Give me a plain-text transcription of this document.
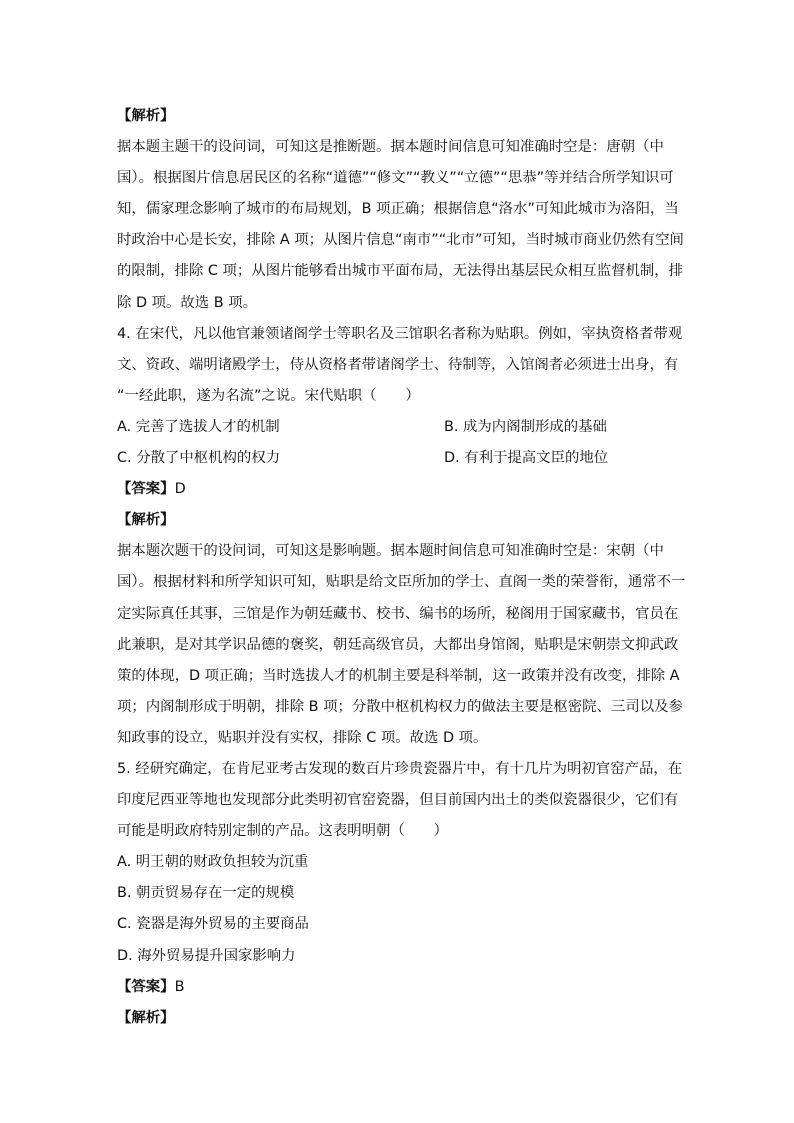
【解析】
据本题主题干的设问词，可知这是推断题。据本题时间信息可知准确时空是：唐朝（中
国）。根据图片信息居民区的名称“道德”“修文”“教义”“立德”“思恭”等并结合所学知识可
知，儒家理念影响了城市的布局规划，B 项正确；根据信息“洛水”可知此城市为洛阳，当
时政治中心是长安，排除 A 项；从图片信息“南市”“北市”可知，当时城市商业仍然有空间
的限制，排除 C 项；从图片能够看出城市平面布局，无法得出基层民众相互监督机制，排
除 D 项。故选 B 项。
4. 在宋代，凡以他官兼领诸阁学士等职名及三馆职名者称为贴职。例如，宰执资格者带观
文、资政、端明诸殿学士，侍从资格者带诸阁学士、待制等，入馆阁者必须进士出身，有
“一经此职，遂为名流”之说。宋代贴职（　　）
A. 完善了选拔人才的机制	B. 成为内阁制形成的基础
C. 分散了中枢机构的权力	D. 有利于提高文臣的地位
【答案】D
【解析】
据本题次题干的设问词，可知这是影响题。据本题时间信息可知准确时空是：宋朝（中
国）。根据材料和所学知识可知，贴职是给文臣所加的学士、直阁一类的荣誉衔，通常不一
定实际真任其事，三馆是作为朝廷藏书、校书、编书的场所，秘阁用于国家藏书，官员在
此兼职，是对其学识品德的褒奖，朝廷高级官员，大都出身馆阁，贴职是宋朝崇文抑武政
策的体现，D 项正确；当时选拔人才的机制主要是科举制，这一政策并没有改变，排除 A
项；内阁制形成于明朝，排除 B 项；分散中枢机构权力的做法主要是枢密院、三司以及参
知政事的设立，贴职并没有实权，排除 C 项。故选 D 项。
5. 经研究确定，在肯尼亚考古发现的数百片珍贵瓷器片中，有十几片为明初官窑产品，在
印度尼西亚等地也发现部分此类明初官窑瓷器，但目前国内出土的类似瓷器很少，它们有
可能是明政府特别定制的产品。这表明明朝（　　）
A. 明王朝的财政负担较为沉重
B. 朝贡贸易存在一定的规模
C. 瓷器是海外贸易的主要商品
D. 海外贸易提升国家影响力
【答案】B
【解析】
